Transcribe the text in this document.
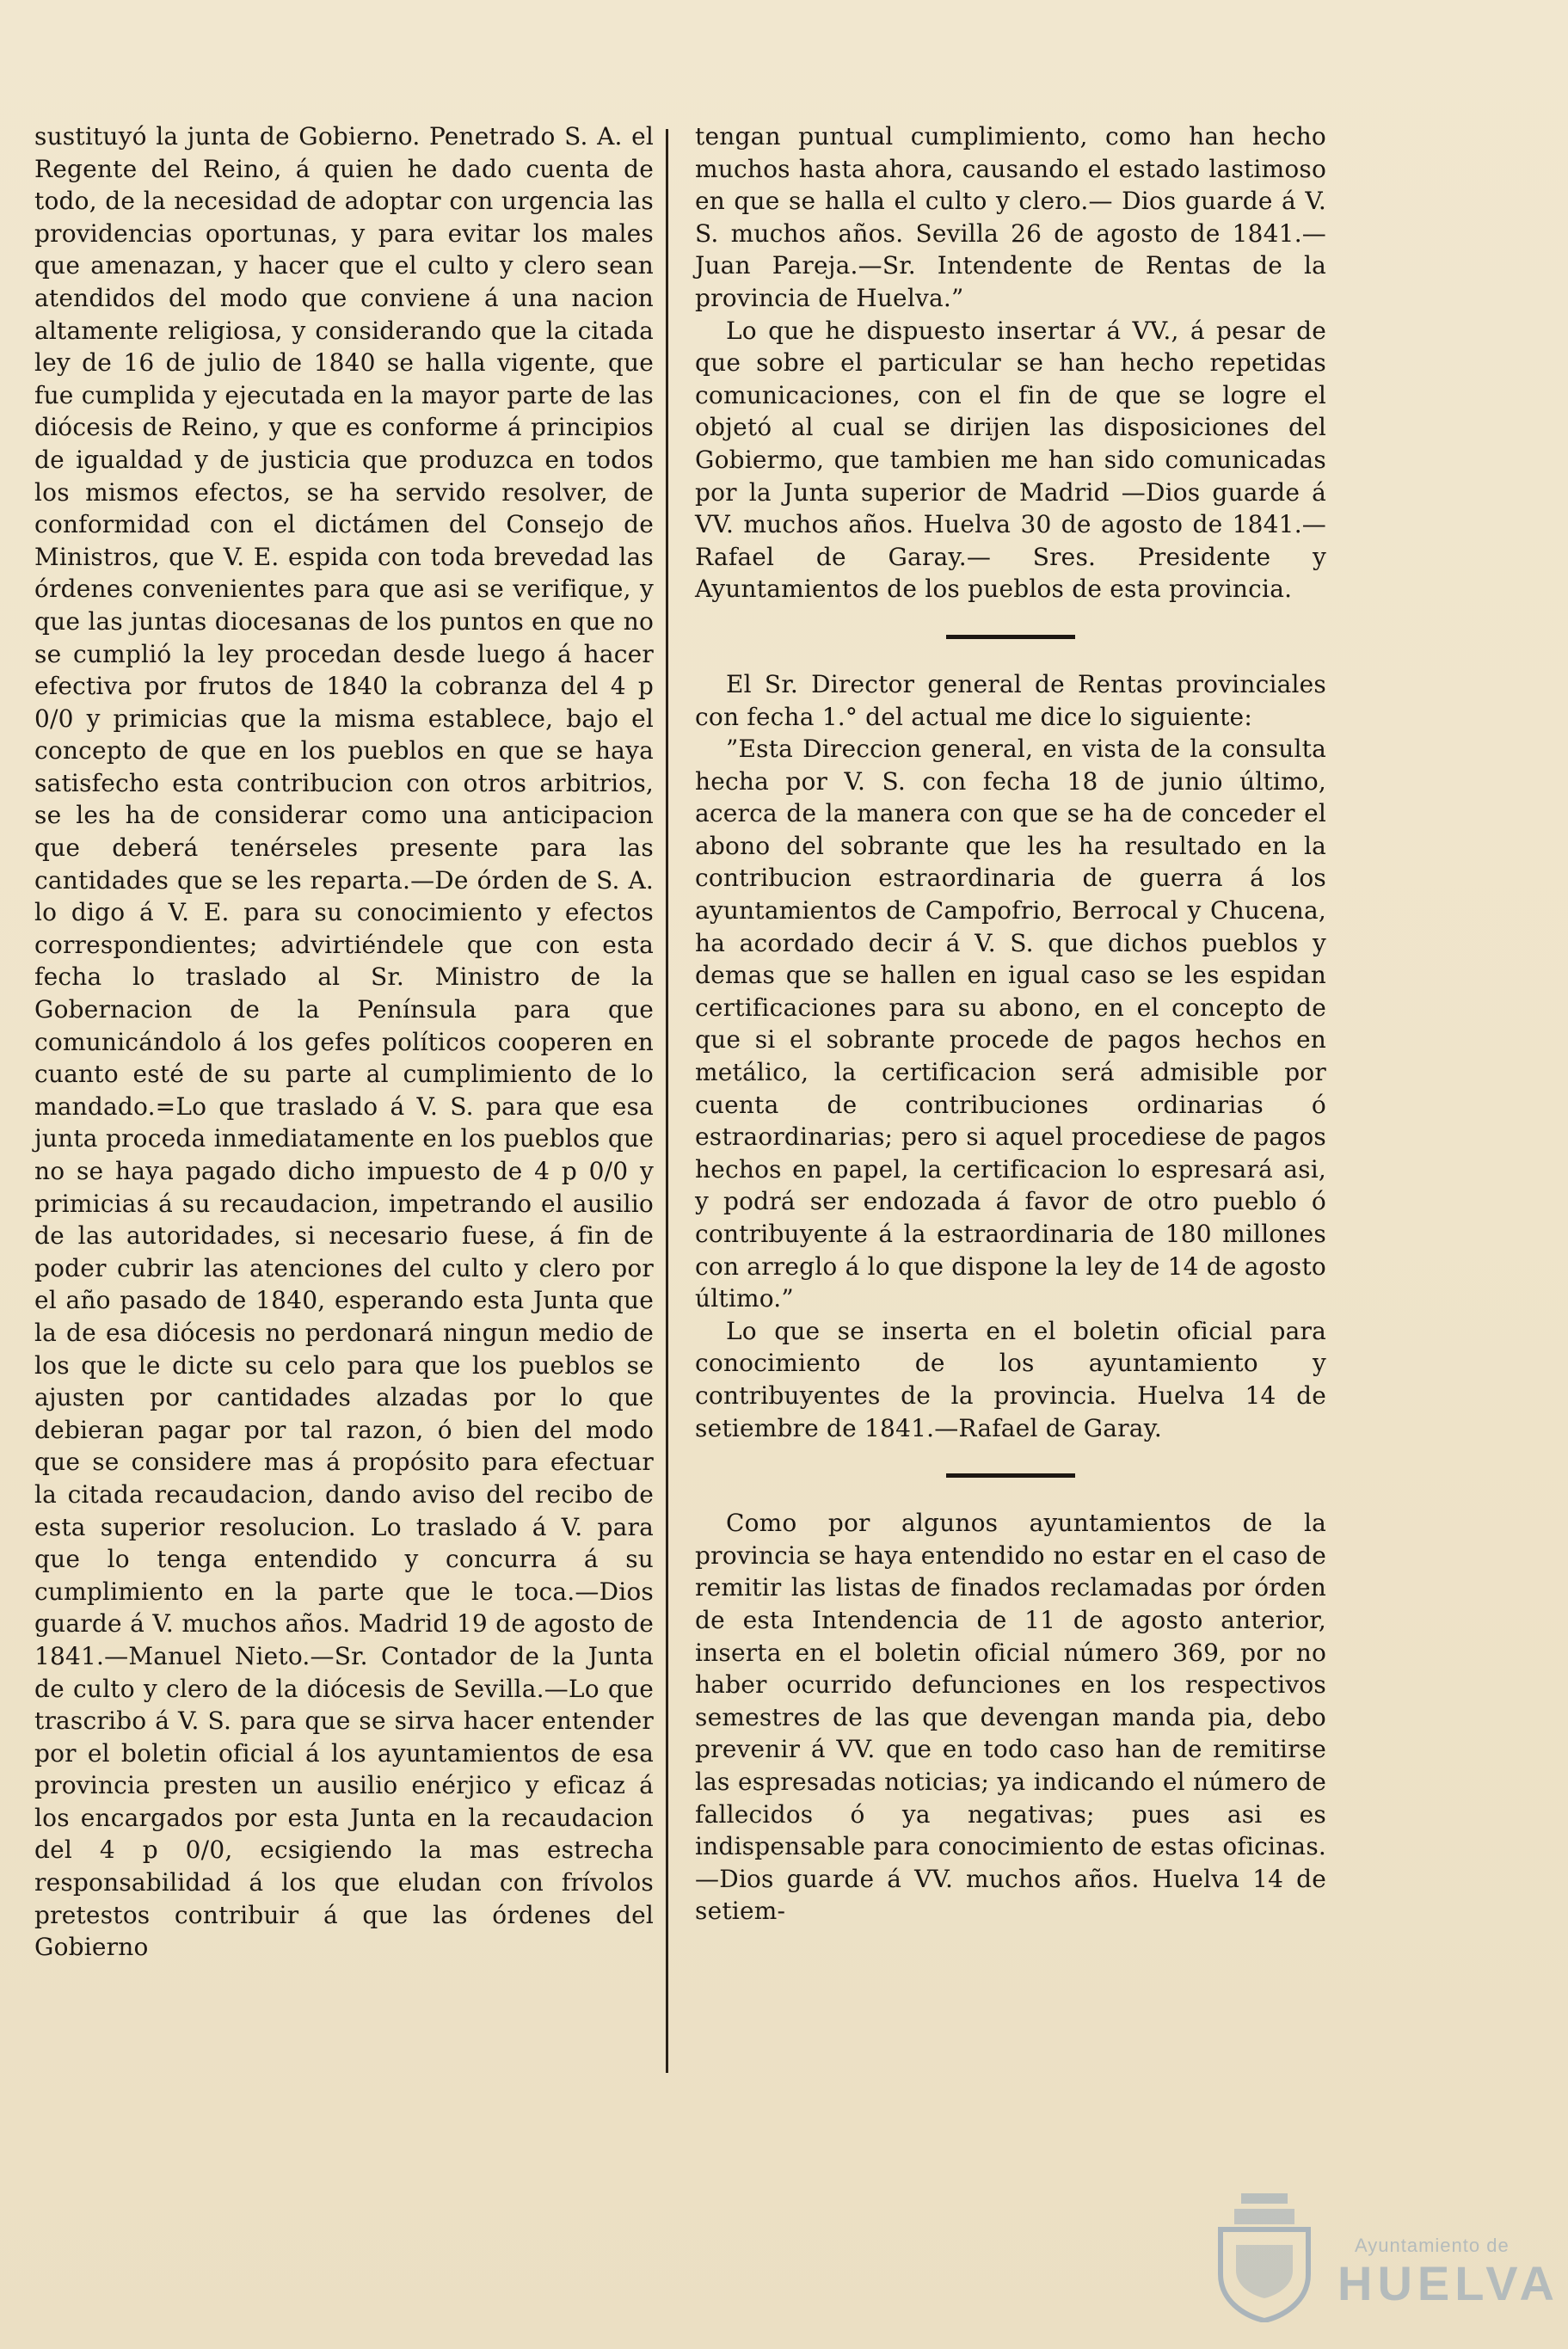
sustituyó la junta de Gobierno. Penetrado S. A. el Regente del Reino, á quien he dado cuenta de todo, de la necesidad de adoptar con urgencia las providencias oportunas, y para evitar los males que amenazan, y hacer que el culto y clero sean atendidos del modo que conviene á una nacion altamente religiosa, y considerando que la citada ley de 16 de julio de 1840 se halla vigente, que fue cumplida y ejecutada en la mayor parte de las diócesis de Reino, y que es conforme á principios de igualdad y de justicia que produzca en todos los mismos efectos, se ha servido resolver, de conformidad con el dictámen del Consejo de Ministros, que V. E. espida con toda brevedad las órdenes convenientes para que asi se verifique, y que las juntas diocesanas de los puntos en que no se cumplió la ley procedan desde luego á hacer efectiva por frutos de 1840 la cobranza del 4 p 0/0 y primicias que la misma establece, bajo el concepto de que en los pueblos en que se haya satisfecho esta contribucion con otros arbitrios, se les ha de considerar como una anticipacion que deberá tenérseles presente para las cantidades que se les reparta.—De órden de S. A. lo digo á V. E. para su conocimiento y efectos correspondientes; advirtiéndele que con esta fecha lo traslado al Sr. Ministro de la Gobernacion de la Península para que comunicándolo á los gefes políticos cooperen en cuanto esté de su parte al cumplimiento de lo mandado.=Lo que traslado á V. S. para que esa junta proceda inmediatamente en los pueblos que no se haya pagado dicho impuesto de 4 p 0/0 y primicias á su recaudacion, impetrando el ausilio de las autoridades, si necesario fuese, á fin de poder cubrir las atenciones del culto y clero por el año pasado de 1840, esperando esta Junta que la de esa diócesis no perdonará ningun medio de los que le dicte su celo para que los pueblos se ajusten por cantidades alzadas por lo que debieran pagar por tal razon, ó bien del modo que se considere mas á propósito para efectuar la citada recaudacion, dando aviso del recibo de esta superior resolucion. Lo traslado á V. para que lo tenga entendido y concurra á su cumplimiento en la parte que le toca.—Dios guarde á V. muchos años. Madrid 19 de agosto de 1841.—Manuel Nieto.—Sr. Contador de la Junta de culto y clero de la diócesis de Sevilla.—Lo que trascribo á V. S. para que se sirva hacer entender por el boletin oficial á los ayuntamientos de esa provincia presten un ausilio enérjico y eficaz á los encargados por esta Junta en la recaudacion del 4 p 0/0, ecsigiendo la mas estrecha responsabilidad á los que eludan con frívolos pretestos contribuir á que las órdenes del Gobierno

tengan puntual cumplimiento, como han hecho muchos hasta ahora, causando el estado lastimoso en que se halla el culto y clero.— Dios guarde á V. S. muchos años. Sevilla 26 de agosto de 1841.—Juan Pareja.—Sr. Intendente de Rentas de la provincia de Huelva.”

Lo que he dispuesto insertar á VV., á pesar de que sobre el particular se han hecho repetidas comunicaciones, con el fin de que se logre el objetó al cual se dirijen las disposiciones del Gobiermo, que tambien me han sido comunicadas por la Junta superior de Madrid —Dios guarde á VV. muchos años. Huelva 30 de agosto de 1841.—Rafael de Garay.— Sres. Presidente y Ayuntamientos de los pueblos de esta provincia.

El Sr. Director general de Rentas provinciales con fecha 1.° del actual me dice lo siguiente:

”Esta Direccion general, en vista de la consulta hecha por V. S. con fecha 18 de junio último, acerca de la manera con que se ha de conceder el abono del sobrante que les ha resultado en la contribucion estraordinaria de guerra á los ayuntamientos de Campofrio, Berrocal y Chucena, ha acordado decir á V. S. que dichos pueblos y demas que se hallen en igual caso se les espidan certificaciones para su abono, en el concepto de que si el sobrante procede de pagos hechos en metálico, la certificacion será admisible por cuenta de contribuciones ordinarias ó estraordinarias; pero si aquel procediese de pagos hechos en papel, la certificacion lo espresará asi, y podrá ser endozada á favor de otro pueblo ó contribuyente á la estraordinaria de 180 millones con arreglo á lo que dispone la ley de 14 de agosto último.”

Lo que se inserta en el boletin oficial para conocimiento de los ayuntamiento y contribuyentes de la provincia. Huelva 14 de setiembre de 1841.—Rafael de Garay.

Como por algunos ayuntamientos de la provincia se haya entendido no estar en el caso de remitir las listas de finados reclamadas por órden de esta Intendencia de 11 de agosto anterior, inserta en el boletin oficial número 369, por no haber ocurrido defunciones en los respectivos semestres de las que devengan manda pia, debo prevenir á VV. que en todo caso han de remitirse las espresadas noticias; ya indicando el número de fallecidos ó ya negativas; pues asi es indispensable para conocimiento de estas oficinas.—Dios guarde á VV. muchos años. Huelva 14 de setiem-

Ayuntamiento de
HUELVA
